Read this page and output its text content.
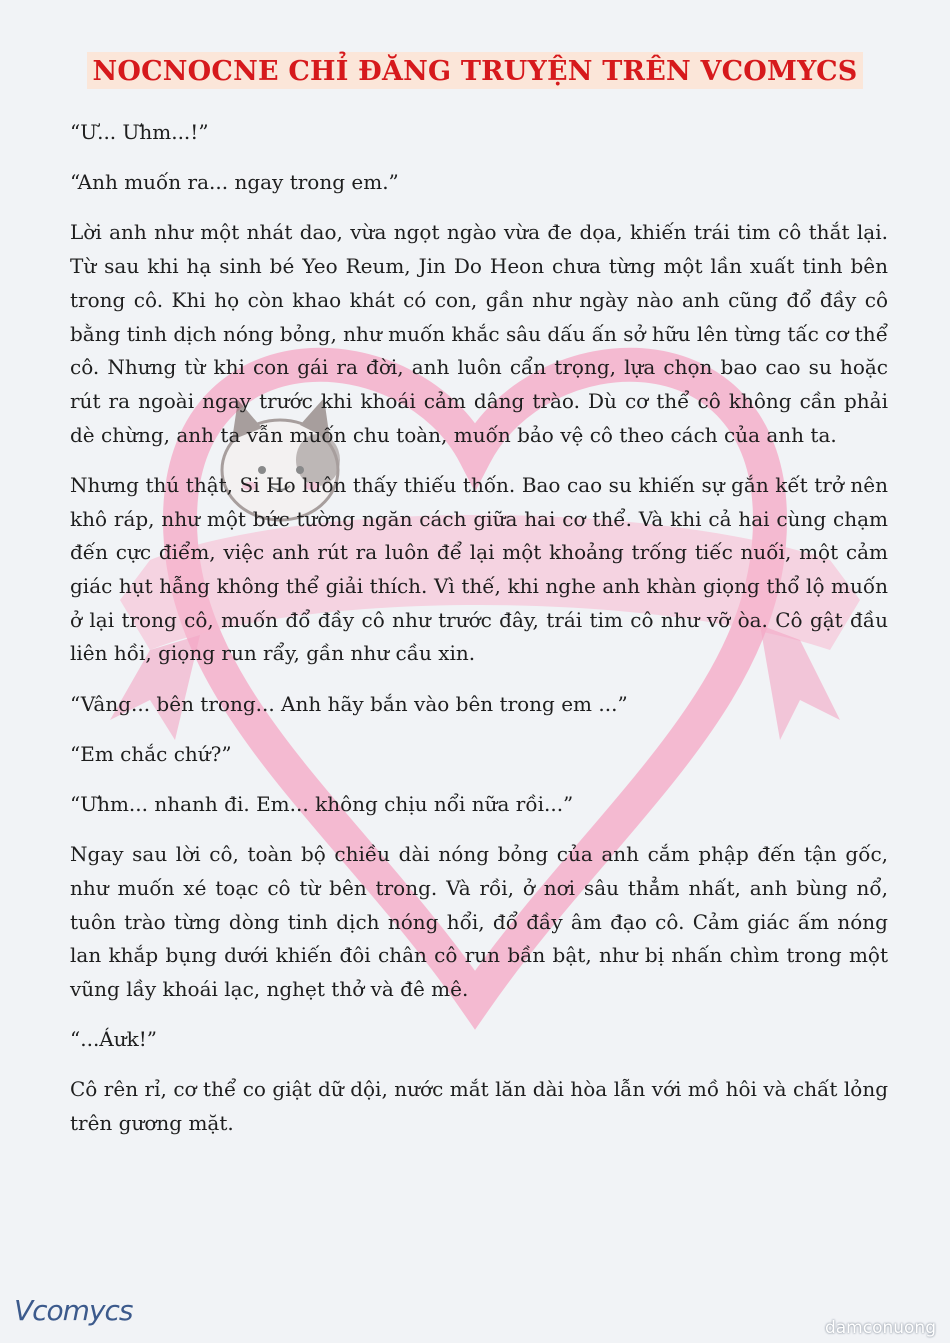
NOCNOCNE CHỈ ĐĂNG TRUYỆN TRÊN VCOMYCS

“Ư... Ưhm...!”

“Anh muốn ra... ngay trong em.”

Lời anh như một nhát dao, vừa ngọt ngào vừa đe dọa, khiến trái tim cô thắt lại. Từ sau khi hạ sinh bé Yeo Reum, Jin Do Heon chưa từng một lần xuất tinh bên trong cô. Khi họ còn khao khát có con, gần như ngày nào anh cũng đổ đầy cô bằng tinh dịch nóng bỏng, như muốn khắc sâu dấu ấn sở hữu lên từng tấc cơ thể cô. Nhưng từ khi con gái ra đời, anh luôn cẩn trọng, lựa chọn bao cao su hoặc rút ra ngoài ngay trước khi khoái cảm dâng trào. Dù cơ thể cô không cần phải dè chừng, anh ta vẫn muốn chu toàn, muốn bảo vệ cô theo cách của anh ta.

Nhưng thú thật, Si Ho luôn thấy thiếu thốn. Bao cao su khiến sự gắn kết trở nên khô ráp, như một bức tường ngăn cách giữa hai cơ thể. Và khi cả hai cùng chạm đến cực điểm, việc anh rút ra luôn để lại một khoảng trống tiếc nuối, một cảm giác hụt hẫng không thể giải thích. Vì thế, khi nghe anh khàn giọng thổ lộ muốn ở lại trong cô, muốn đổ đầy cô như trước đây, trái tim cô như vỡ òa. Cô gật đầu liên hồi, giọng run rẩy, gần như cầu xin.

“Vâng... bên trong... Anh hãy bắn vào bên trong em ...”

“Em chắc chứ?”

“Ưhm... nhanh đi. Em... không chịu nổi nữa rồi...”

Ngay sau lời cô, toàn bộ chiều dài nóng bỏng của anh cắm phập đến tận gốc, như muốn xé toạc cô từ bên trong. Và rồi, ở nơi sâu thẳm nhất, anh bùng nổ, tuôn trào từng dòng tinh dịch nóng hổi, đổ đầy âm đạo cô. Cảm giác ấm nóng lan khắp bụng dưới khiến đôi chân cô run bần bật, như bị nhấn chìm trong một vũng lầy khoái lạc, nghẹt thở và đê mê.

“...Áưk!”

Cô rên rỉ, cơ thể co giật dữ dội, nước mắt lăn dài hòa lẫn với mồ hôi và chất lỏng trên gương mặt.

Vcomycs
damconuong
